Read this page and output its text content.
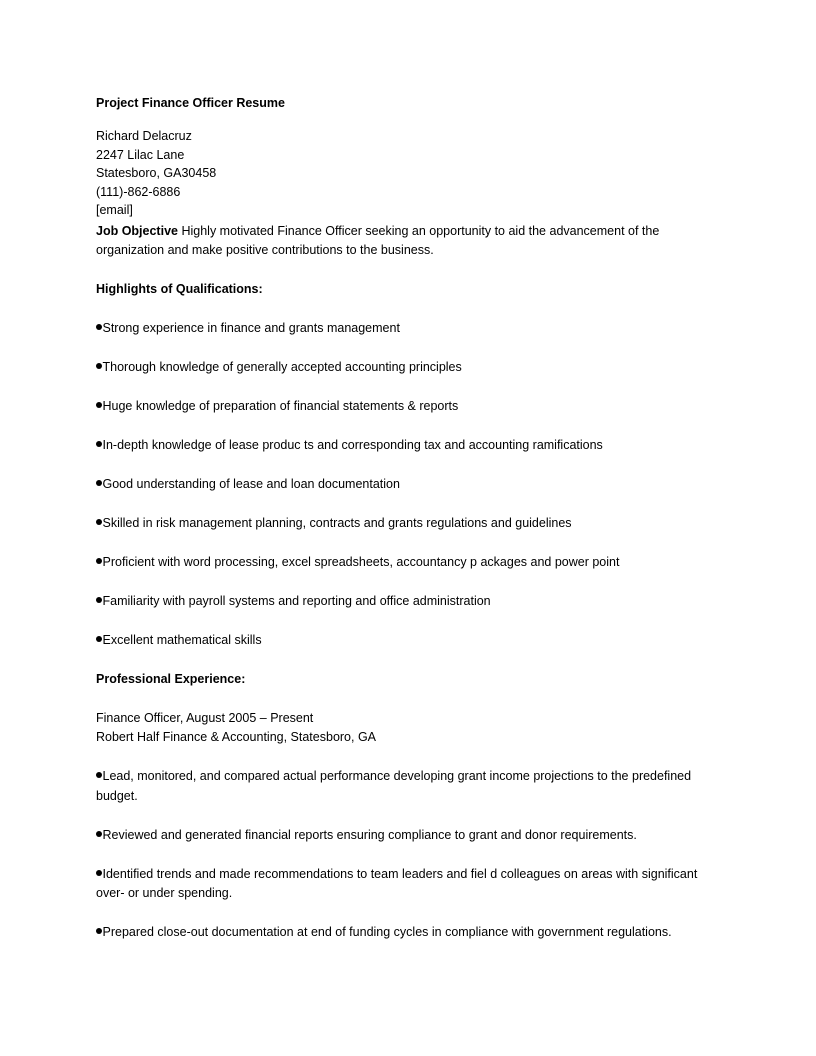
Project Finance Officer Resume
Richard Delacruz
2247 Lilac Lane
Statesboro, GA30458
(111)-862-6886
[email]
Job Objective Highly motivated Finance Officer seeking an opportunity to aid the advancement of the organization and make positive contributions to the business.
Highlights of Qualifications:
Strong experience in finance and grants management
Thorough knowledge of generally accepted accounting principles
Huge knowledge of preparation of financial statements & reports
In-depth knowledge of lease produc ts and corresponding tax and accounting ramifications
Good understanding of lease and loan documentation
Skilled in risk management planning, contracts and grants regulations and guidelines
Proficient with word processing, excel spreadsheets, accountancy p ackages and power point
Familiarity with payroll systems and reporting and office administration
Excellent mathematical skills
Professional Experience:
Finance Officer, August 2005 – Present
Robert Half Finance & Accounting, Statesboro, GA
Lead, monitored, and compared actual performance developing grant income projections to the predefined budget.
Reviewed and generated financial reports ensuring compliance to grant and donor requirements.
Identified trends and made recommendations to team leaders and fiel d colleagues on areas with significant over- or under spending.
Prepared close-out documentation at end of funding cycles in compliance with government regulations.
